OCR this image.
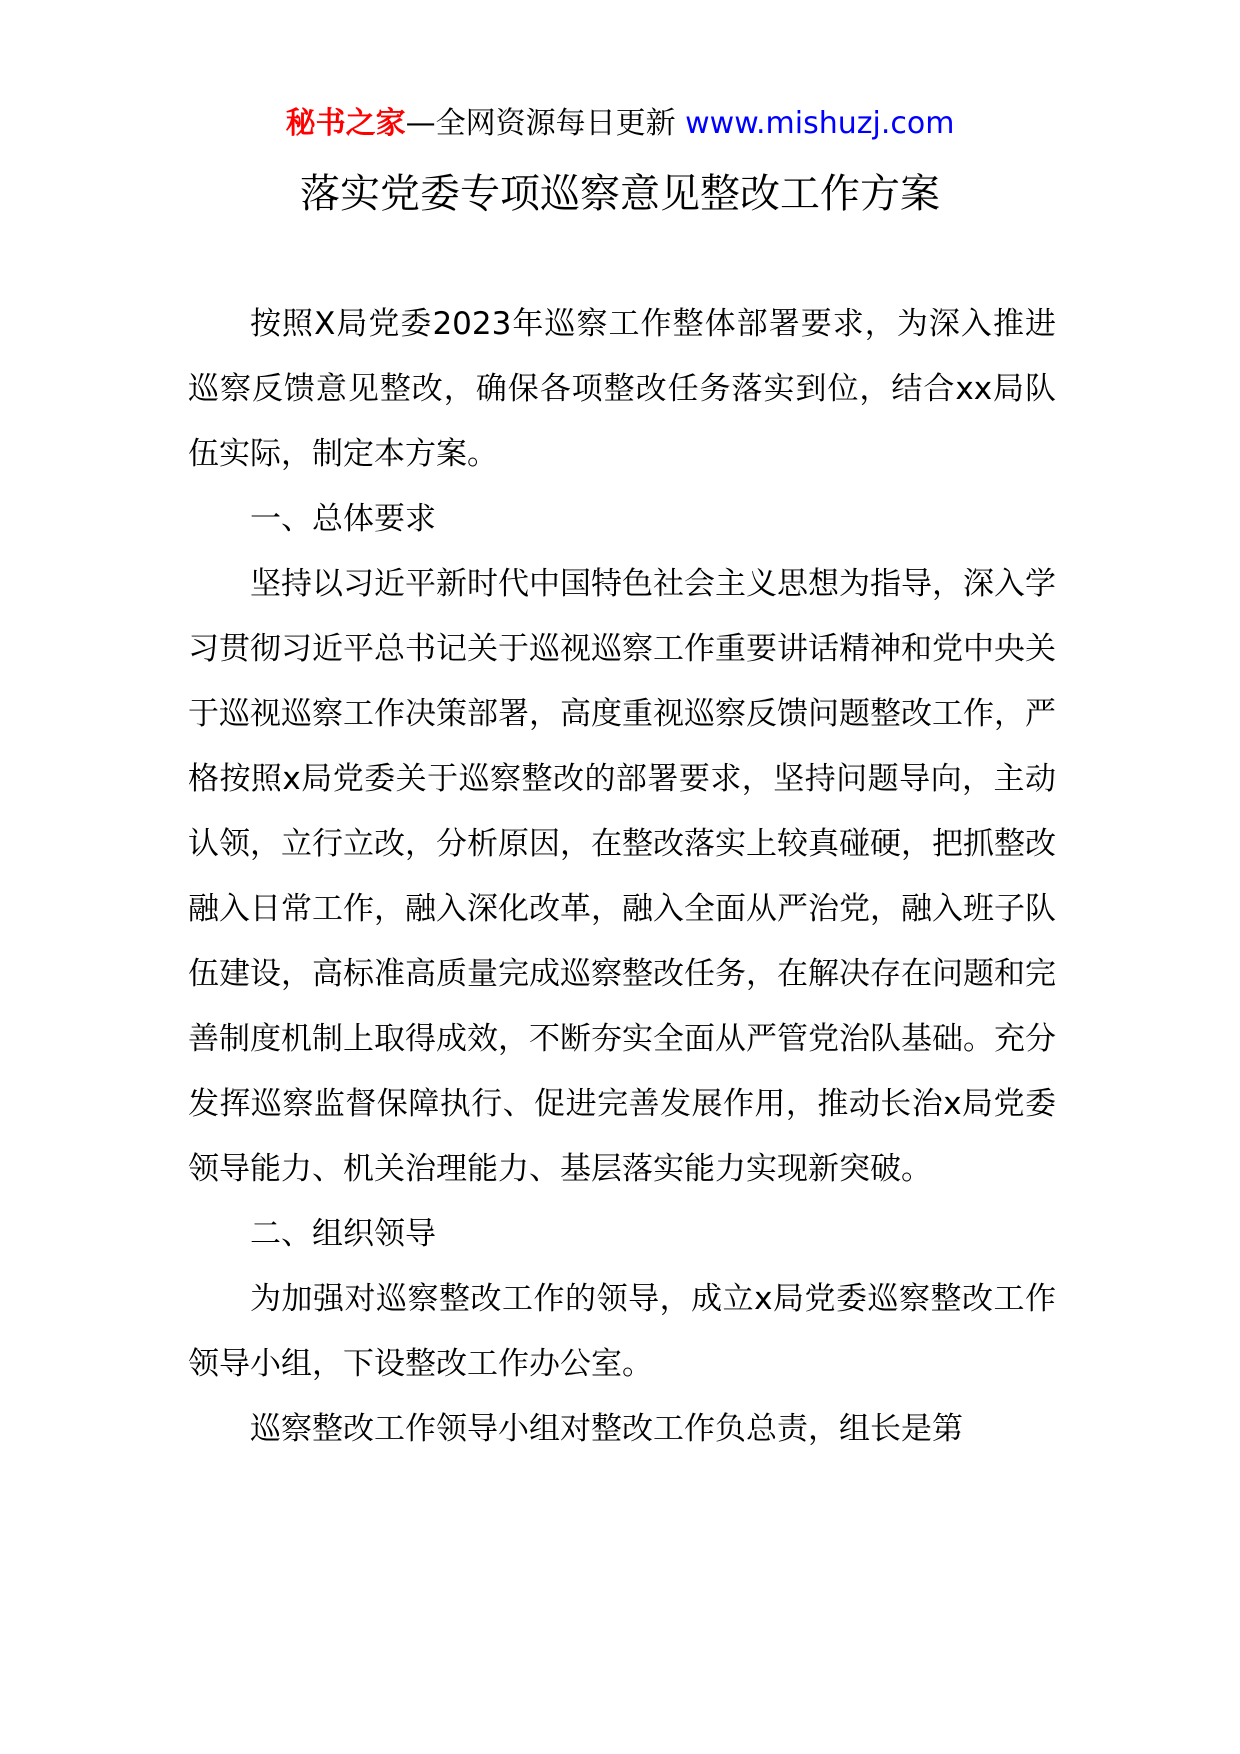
秘书之家—全网资源每日更新 www.mishuzj.com
落实党委专项巡察意见整改工作方案

按照X局党委2023年巡察工作整体部署要求，为深入推进巡察反馈意见整改，确保各项整改任务落实到位，结合xx局队伍实际，制定本方案。

一、总体要求

坚持以习近平新时代中国特色社会主义思想为指导，深入学习贯彻习近平总书记关于巡视巡察工作重要讲话精神和党中央关于巡视巡察工作决策部署，高度重视巡察反馈问题整改工作，严格按照x局党委关于巡察整改的部署要求，坚持问题导向，主动认领，立行立改，分析原因，在整改落实上较真碰硬，把抓整改融入日常工作，融入深化改革，融入全面从严治党，融入班子队伍建设，高标准高质量完成巡察整改任务，在解决存在问题和完善制度机制上取得成效，不断夯实全面从严管党治队基础。充分发挥巡察监督保障执行、促进完善发展作用，推动长治x局党委领导能力、机关治理能力、基层落实能力实现新突破。

二、组织领导

为加强对巡察整改工作的领导，成立x局党委巡察整改工作领导小组，下设整改工作办公室。

巡察整改工作领导小组对整改工作负总责，组长是第
